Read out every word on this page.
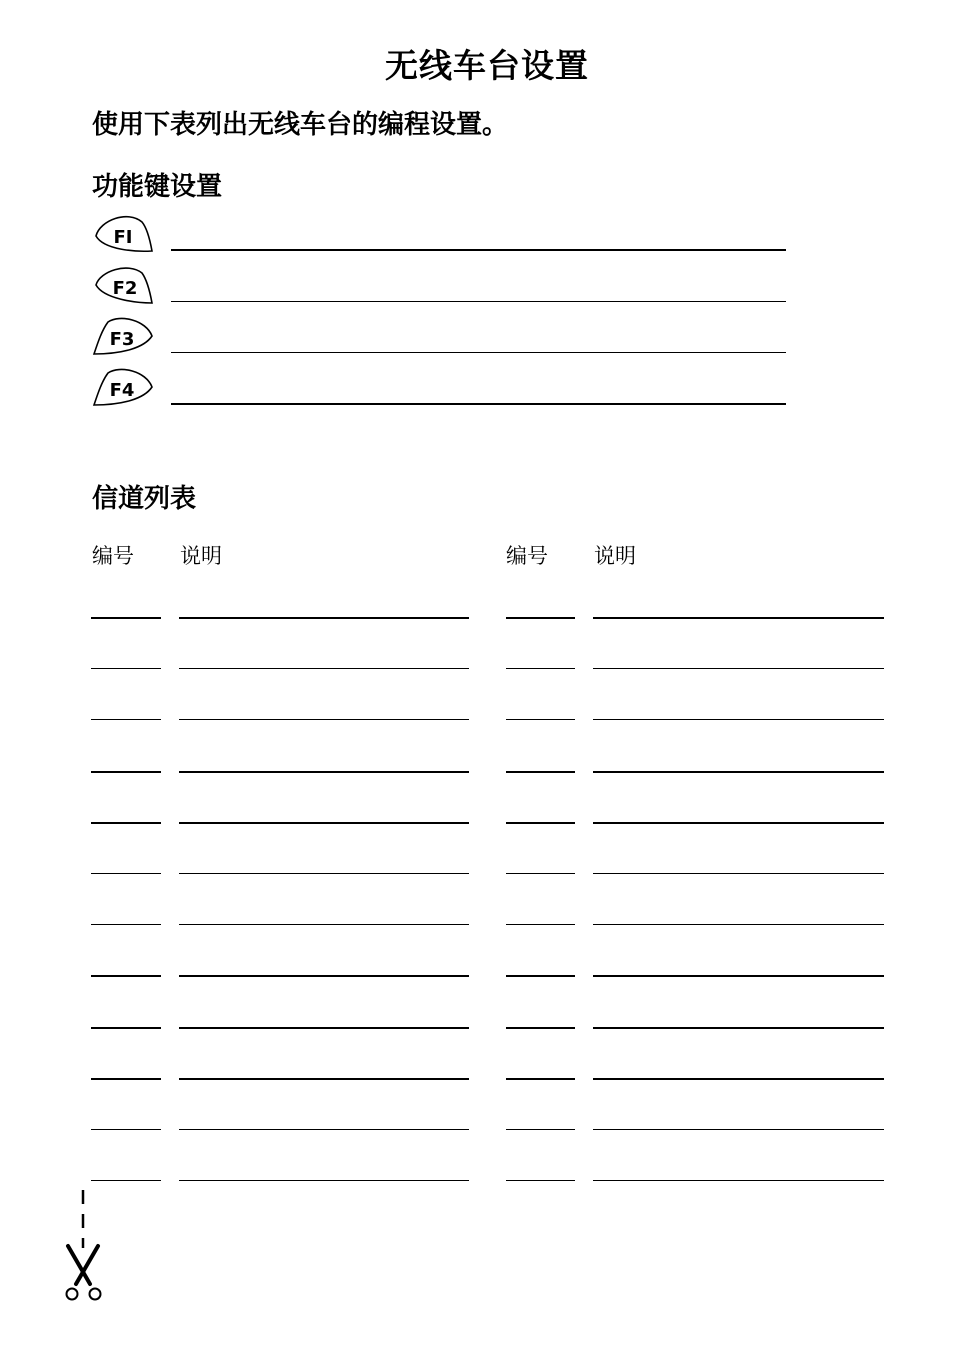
无线车台设置
使用下表列出无线车台的编程设置。
功能键设置
FI
F2
F3
F4
信道列表
编号 说明	编号 说明
